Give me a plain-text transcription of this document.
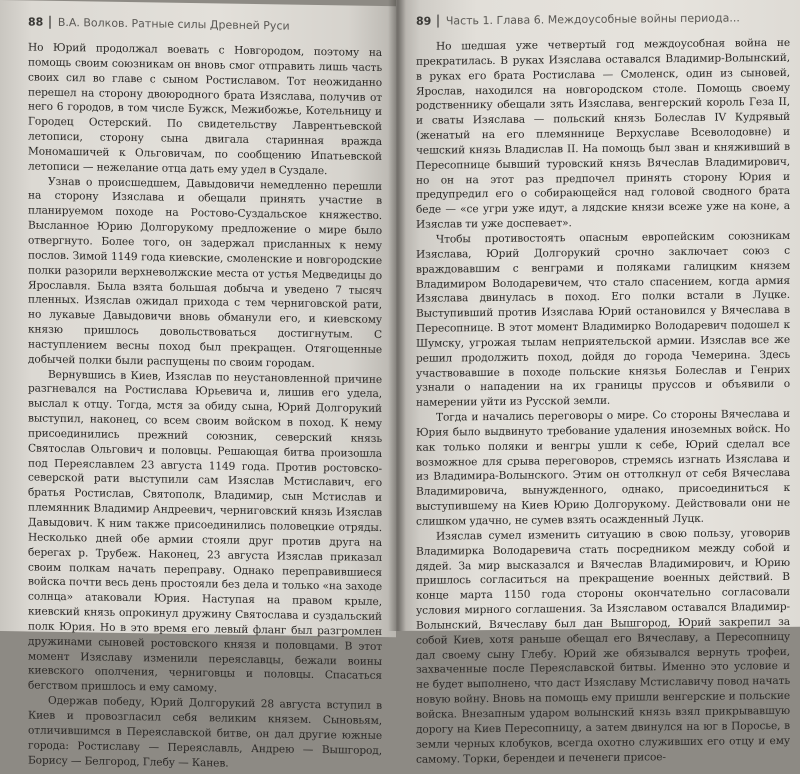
88 В.А. Волков. Ратные силы Древней Руси

Но Юрий продолжал воевать с Новгородом, поэтому на помощь своим союзникам он вновь смог отправить лишь часть своих сил во главе с сыном Ростиславом. Тот неожиданно перешел на сторону двоюродного брата Изяслава, получив от него 6 городов, в том числе Бужск, Межибожье, Котельницу и Городец Остерский. По свидетельству Лаврентьевской летописи, сторону сына двигала старинная вражда Мономашичей к Ольговичам, по сообщению Ипатьевской летописи — нежелание отца дать ему удел в Суздале.

Узнав о происшедшем, Давыдовичи немедленно перешли на сторону Изяслава и обещали принять участие в планируемом походе на Ростово-Суздальское княжество. Высланное Юрию Долгорукому предложение о мире было отвергнуто. Более того, он задержал присланных к нему послов. Зимой 1149 года киевские, смоленские и новгородские полки разорили верхневолжские места от устья Медведицы до Ярославля. Была взята большая добыча и уведено 7 тысяч пленных. Изяслав ожидал прихода с тем черниговской рати, но лукавые Давыдовичи вновь обманули его, и киевскому князю пришлось довольствоваться достигнутым. С наступлением весны поход был прекращен. Отягощенные добычей полки были распущены по своим городам.

Вернувшись в Киев, Изяслав по неустановленной причине разгневался на Ростислава Юрьевича и, лишив его удела, выслал к отцу. Тогда, мстя за обиду сына, Юрий Долгорукий выступил, наконец, со всем своим войском в поход. К нему присоединились прежний союзник, северский князь Святослав Ольгович и половцы. Решающая битва произошла под Переяславлем 23 августа 1149 года. Против ростовско-северской рати выступили сам Изяслав Мстиславич, его братья Ростислав, Святополк, Владимир, сын Мстислав и племянник Владимир Андреевич, черниговский князь Изяслав Давыдович. К ним также присоединились половецкие отряды. Несколько дней обе армии стояли друг против друга на берегах р. Трубеж. Наконец, 23 августа Изяслав приказал своим полкам начать переправу. Однако переправившиеся войска почти весь день простояли без дела и только «на заходе солнца» атаковали Юрия. Наступая на правом крыле, киевский князь опрокинул дружину Святослава и суздальский полк Юрия. Но в это время его левый фланг был разгромлен дружинами сыновей ростовского князя и половцами. В этот момент Изяславу изменили переяславцы, бежали воины киевского ополчения, черниговцы и половцы. Спасаться бегством пришлось и ему самому.

Одержав победу, Юрий Долгорукий 28 августа вступил в Киев и провозгласил себя великим князем. Сыновьям, отличившимся в Переяславской битве, он дал другие южные города: Ростиславу — Переяславль, Андрею — Вышгород, Борису — Белгород, Глебу — Канев.

89 Часть 1. Глава 6. Междоусобные войны периода...

Но шедшая уже четвертый год междоусобная война не прекратилась. В руках Изяслава оставался Владимир-Волынский, в руках его брата Ростислава — Смоленск, один из сыновей, Ярослав, находился на новгородском столе. Помощь своему родственнику обещали зять Изяслава, венгерский король Геза II, и сваты Изяслава — польский князь Болеслав IV Кудрявый (женатый на его племяннице Верхуславе Всеволодовне) и чешский князь Владислав II. На помощь был зван и княживший в Пересопнице бывший туровский князь Вячеслав Владимирович, но он на этот раз предпочел принять сторону Юрия и предупредил его о собирающейся над головой сводного брата беде — «се угри уже идут, а лядские князи всеже уже на коне, а Изяслав ти уже доспевает».

Чтобы противостоять опасным европейским союзникам Изяслава, Юрий Долгорукий срочно заключает союз с враждовавшим с венграми и поляками галицким князем Владимиром Володаревичем, что стало спасением, когда армия Изяслава двинулась в поход. Его полки встали в Луцке. Выступивший против Изяслава Юрий остановился у Вячеслава в Пересопнице. В этот момент Владимирко Володаревич подошел к Шумску, угрожая тылам неприятельской армии. Изяслав все же решил продолжить поход, дойдя до города Чемерина. Здесь участвовавшие в походе польские князья Болеслав и Генрих узнали о нападении на их границы пруссов и объявили о намерении уйти из Русской земли.

Тогда и начались переговоры о мире. Со стороны Вячеслава и Юрия было выдвинуто требование удаления иноземных войск. Но как только поляки и венгры ушли к себе, Юрий сделал все возможное для срыва переговоров, стремясь изгнать Изяслава и из Владимира-Волынского. Этим он оттолкнул от себя Вячеслава Владимировича, вынужденного, однако, присоединиться к выступившему на Киев Юрию Долгорукому. Действовали они не слишком удачно, не сумев взять осажденный Луцк.

Изяслав сумел изменить ситуацию в свою пользу, уговорив Владимирка Володаревича стать посредником между собой и дядей. За мир высказался и Вячеслав Владимирович, и Юрию пришлось согласиться на прекращение военных действий. В конце марта 1150 года стороны окончательно согласовали условия мирного соглашения. За Изяславом оставался Владимир-Волынский, Вячеславу был дан Вышгород, Юрий закрепил за собой Киев, хотя раньше обещал его Вячеславу, а Пересопницу дал своему сыну Глебу. Юрий же обязывался вернуть трофеи, захваченные после Переяславской битвы. Именно это условие и не будет выполнено, что даст Изяславу Мстиславичу повод начать новую войну. Вновь на помощь ему пришли венгерские и польские войска. Внезапным ударом волынский князь взял прикрывавшую дорогу на Киев Пересопницу, а затем двинулся на юг в Поросье, в земли черных клобуков, всегда охотно служивших его отцу и ему самому. Торки, берендеи и печенеги присое-
